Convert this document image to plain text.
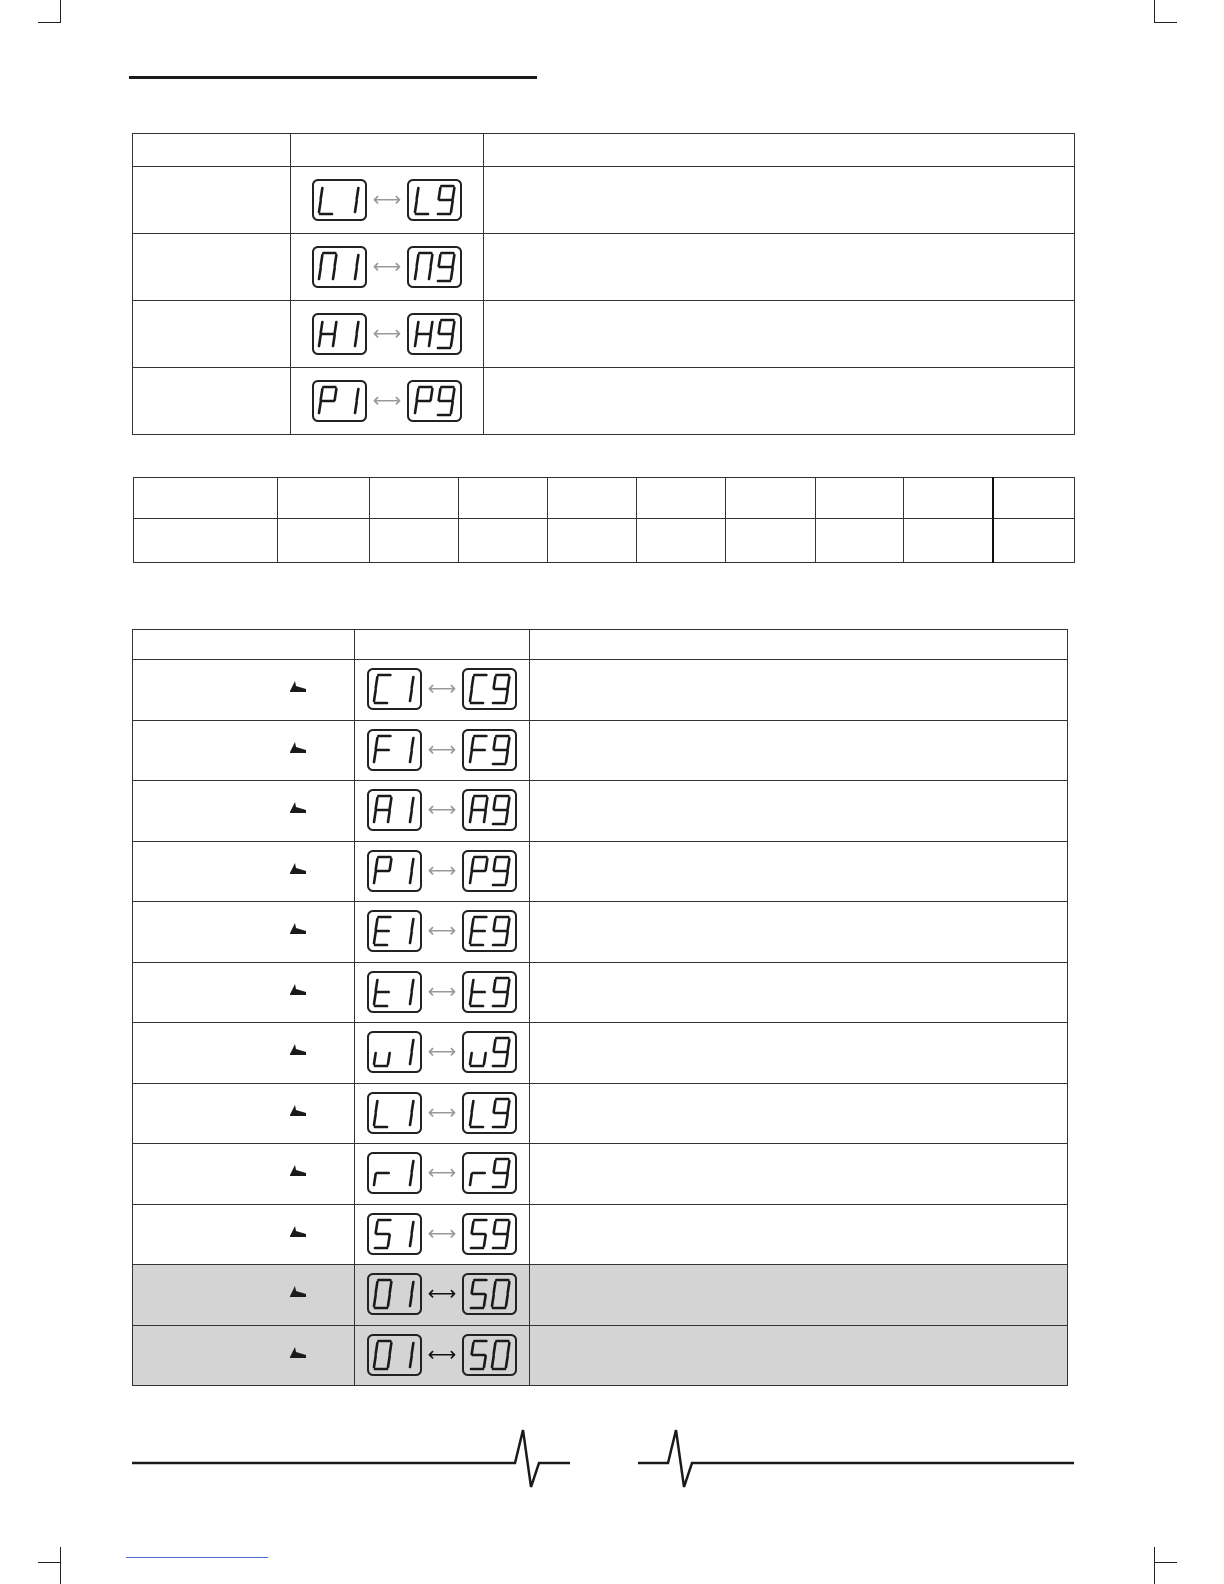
	⟷	

	⟷	

	⟷	

	⟷	

⟷	

⟷	

⟷	

⟷	

⟷	

⟷	

⟷	

⟷	

⟷	

⟷	

⟷	

⟷	
